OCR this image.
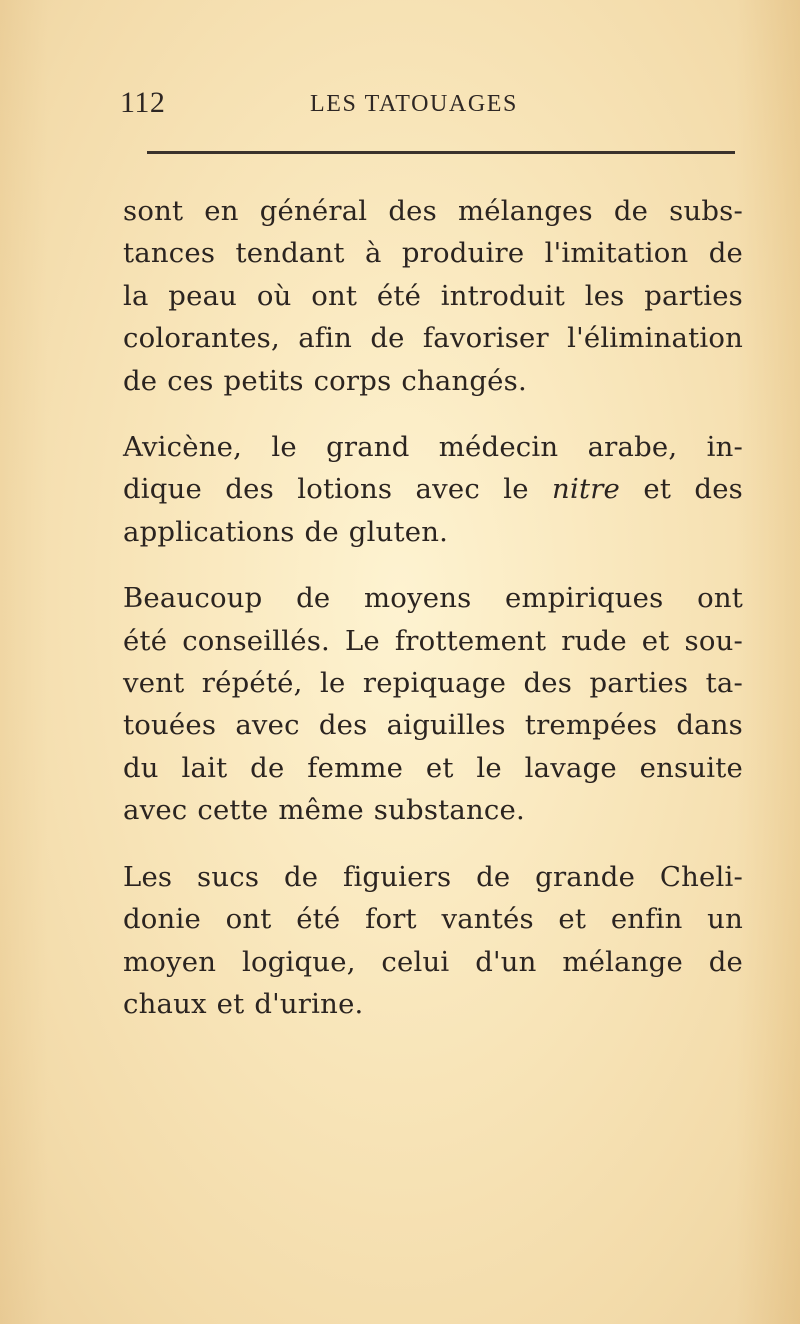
112	LES TATOUAGES

sont en général des mélanges de subs-
tances tendant à produire l'imitation de
la peau où ont été introduit les parties
colorantes, afin de favoriser l'élimination
de ces petits corps changés.

Avicène, le grand médecin arabe, in-
dique des lotions avec le nitre et des
applications de gluten.

Beaucoup de moyens empiriques ont
été conseillés. Le frottement rude et sou-
vent répété, le repiquage des parties ta-
touées avec des aiguilles trempées dans
du lait de femme et le lavage ensuite
avec cette même substance.

Les sucs de figuiers de grande Cheli-
donie ont été fort vantés et enfin un
moyen logique, celui d'un mélange de
chaux et d'urine.
